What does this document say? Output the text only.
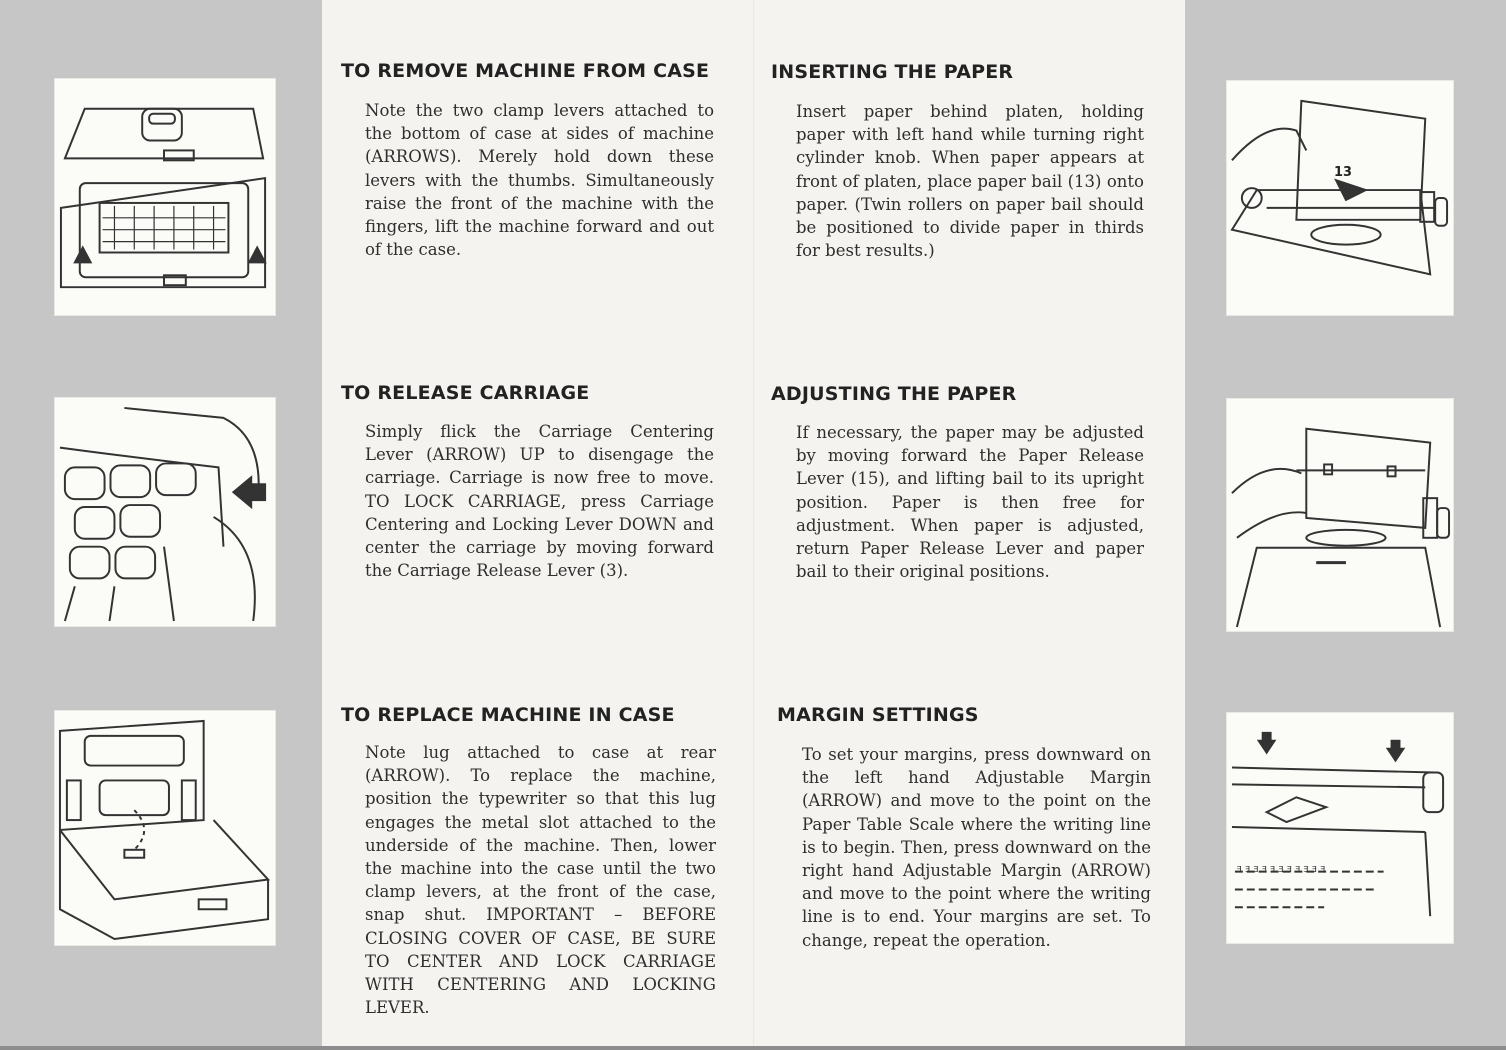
13
ᴲᴲᴲᴲᴲᴲᴲᴲᴲᴲᴲ
TO REMOVE MACHINE FROM CASE

Note the two clamp levers attached to the bottom of case at sides of machine (ARROWS). Merely hold down these levers with the thumbs. Simultaneously raise the front of the machine with the fingers, lift the machine forward and out of the case.

TO RELEASE CARRIAGE

Simply flick the Carriage Centering Lever (ARROW) UP to disengage the carriage. Carriage is now free to move. TO LOCK CARRIAGE, press Carriage Centering and Locking Lever DOWN and center the carriage by moving forward the Carriage Release Lever (3).

TO REPLACE MACHINE IN CASE

Note lug attached to case at rear (ARROW). To replace the machine, position the typewriter so that this lug engages the metal slot attached to the underside of the machine. Then, lower the machine into the case until the two clamp levers, at the front of the case, snap shut. IMPORTANT – BEFORE CLOSING COVER OF CASE, BE SURE TO CENTER AND LOCK CARRIAGE WITH CENTERING AND LOCKING LEVER.

INSERTING THE PAPER

Insert paper behind platen, holding paper with left hand while turning right cylinder knob. When paper appears at front of platen, place paper bail (13) onto paper. (Twin rollers on paper bail should be positioned to divide paper in thirds for best results.)

ADJUSTING THE PAPER

If necessary, the paper may be adjusted by moving forward the Paper Release Lever (15), and lifting bail to its upright position. Paper is then free for adjustment. When paper is adjusted, return Paper Release Lever and paper bail to their original positions.

MARGIN SETTINGS

To set your margins, press downward on the left hand Adjustable Margin (ARROW) and move to the point on the Paper Table Scale where the writing line is to begin. Then, press downward on the right hand Adjustable Margin (ARROW) and move to the point where the writing line is to end. Your margins are set. To change, repeat the operation.
